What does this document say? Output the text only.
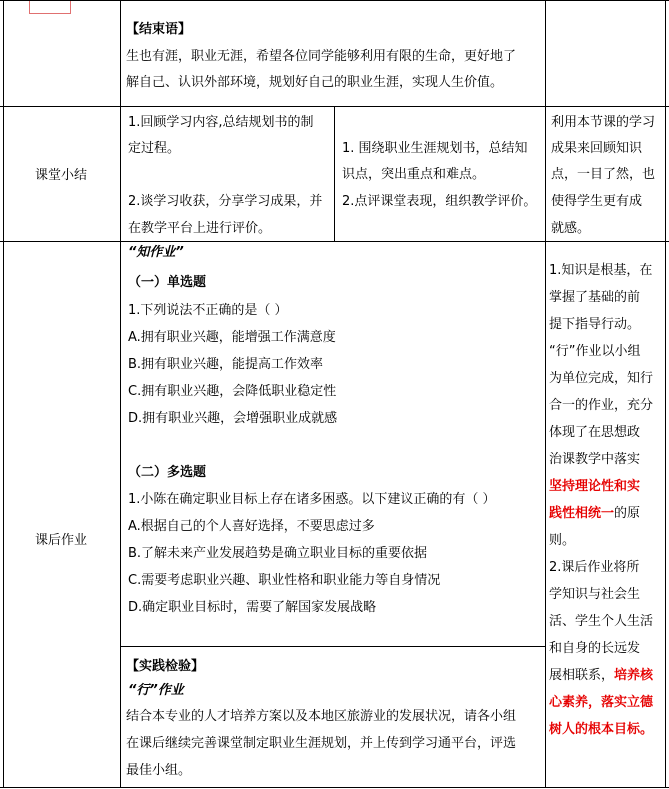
【结束语】
生也有涯，职业无涯，希望各位同学能够利用有限的生命，更好地了
解自己、认识外部环境，规划好自己的职业生涯，实现人生价值。
课堂小结
1.回顾学习内容,总结规划书的制
定过程。
2.谈学习收获，分享学习成果，并
在教学平台上进行评价。
1. 围绕职业生涯规划书，总结知
识点，突出重点和难点。
2.点评课堂表现，组织教学评价。
利用本节课的学习
成果来回顾知识
点，一目了然，也
使得学生更有成
就感。
课后作业
“知作业”
（一）单选题
1.下列说法不正确的是（ ）
A.拥有职业兴趣，能增强工作满意度
B.拥有职业兴趣，能提高工作效率
C.拥有职业兴趣，会降低职业稳定性
D.拥有职业兴趣，会增强职业成就感
（二）多选题
1.小陈在确定职业目标上存在诸多困惑。以下建议正确的有（ ）
A.根据自己的个人喜好选择，不要思虑过多
B.了解未来产业发展趋势是确立职业目标的重要依据
C.需要考虑职业兴趣、职业性格和职业能力等自身情况
D.确定职业目标时，需要了解国家发展战略
【实践检验】
“行”作业
结合本专业的人才培养方案以及本地区旅游业的发展状况，请各小组
在课后继续完善课堂制定职业生涯规划，并上传到学习通平台，评选
最佳小组。
1.知识是根基，在
掌握了基础的前
提下指导行动。
“行”作业以小组
为单位完成，知行
合一的作业，充分
体现了在思想政
治课教学中落实
坚持理论性和实
践性相统一的原
则。
2.课后作业将所
学知识与社会生
活、学生个人生活
和自身的长远发
展相联系，培养核
心素养，落实立德
树人的根本目标。
